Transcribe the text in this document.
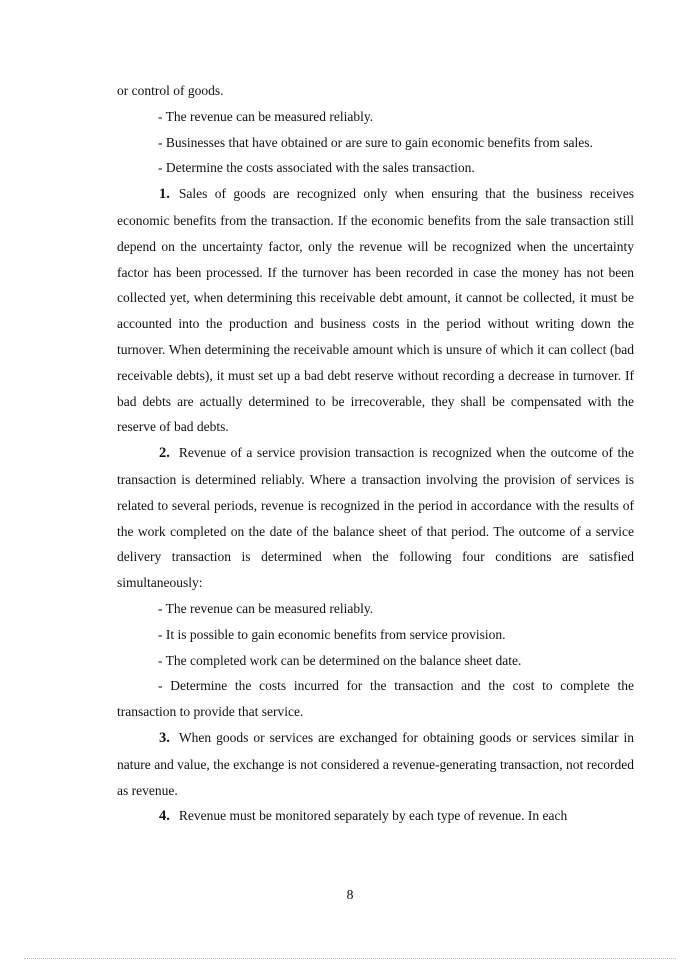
or control of goods.

- The revenue can be measured reliably.

- Businesses that have obtained or are sure to gain economic benefits from sales.

- Determine the costs associated with the sales transaction.

1. Sales of goods are recognized only when ensuring that the business receives economic benefits from the transaction. If the economic benefits from the sale transaction still depend on the uncertainty factor, only the revenue will be recognized when the uncertainty factor has been processed. If the turnover has been recorded in case the money has not been collected yet, when determining this receivable debt amount, it cannot be collected, it must be accounted into the production and business costs in the period without writing down the turnover. When determining the receivable amount which is unsure of which it can collect (bad receivable debts), it must set up a bad debt reserve without recording a decrease in turnover. If bad debts are actually determined to be irrecoverable, they shall be compensated with the reserve of bad debts.

2. Revenue of a service provision transaction is recognized when the outcome of the transaction is determined reliably. Where a transaction involving the provision of services is related to several periods, revenue is recognized in the period in accordance with the results of the work completed on the date of the balance sheet of that period. The outcome of a service delivery transaction is determined when the following four conditions are satisfied simultaneously:

- The revenue can be measured reliably.

- It is possible to gain economic benefits from service provision.

- The completed work can be determined on the balance sheet date.

- Determine the costs incurred for the transaction and the cost to complete the transaction to provide that service.

3. When goods or services are exchanged for obtaining goods or services similar in nature and value, the exchange is not considered a revenue-generating transaction, not recorded as revenue.

4. Revenue must be monitored separately by each type of revenue. In each

8
